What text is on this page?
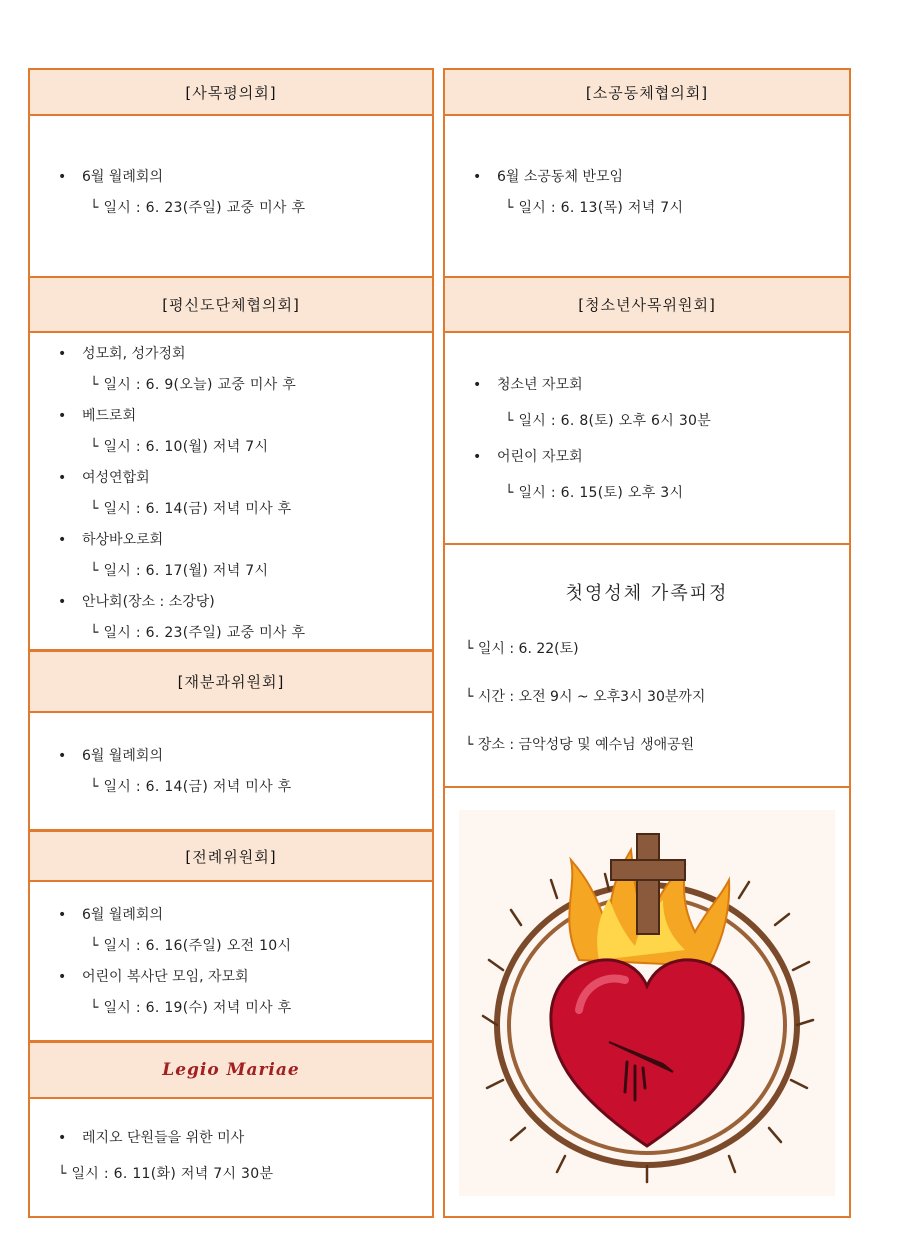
[사목평의회]
• 6월 월례회의
└ 일시 : 6. 23(주일) 교중 미사 후
[평신도단체협의회]
• 성모회, 성가정회
└ 일시 : 6. 9(오늘) 교중 미사 후
• 베드로회
└ 일시 : 6. 10(월) 저녁 7시
• 여성연합회
└ 일시 : 6. 14(금) 저녁 미사 후
• 하상바오로회
└ 일시 : 6. 17(월) 저녁 7시
• 안나회(장소 : 소강당)
└ 일시 : 6. 23(주일) 교중 미사 후
[재분과위원회]
• 6월 월례회의
└ 일시 : 6. 14(금) 저녁 미사 후
[전례위원회]
• 6월 월례회의
└ 일시 : 6. 16(주일) 오전 10시
• 어린이 복사단 모임, 자모회
└ 일시 : 6. 19(수) 저녁 미사 후
Legio Mariae
• 레지오 단원들을 위한 미사
└ 일시 : 6. 11(화) 저녁 7시 30분
[소공동체협의회]
• 6월 소공동체 반모임
└ 일시 : 6. 13(목) 저녁 7시
[청소년사목위원회]
• 청소년 자모회
└ 일시 : 6. 8(토) 오후 6시 30분
• 어린이 자모회
└ 일시 : 6. 15(토) 오후 3시
첫영성체 가족피정
└ 일시 : 6. 22(토)
└ 시간 : 오전 9시 ~ 오후3시 30분까지
└ 장소 : 금악성당 및 예수님 생애공원
